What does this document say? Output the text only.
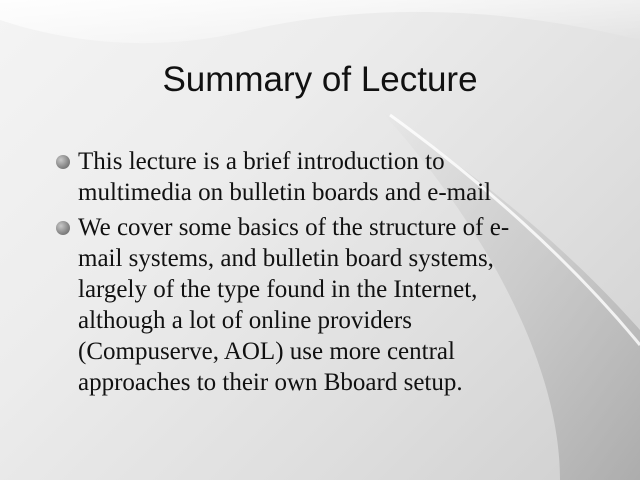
Summary of Lecture
This lecture is a brief introduction to
multimedia on bulletin boards and e-mail
We cover some basics of the structure of e-
mail systems, and bulletin board systems,
largely of the type found in the Internet,
although a lot of online providers
(Compuserve, AOL) use more central
approaches to their own Bboard setup.
